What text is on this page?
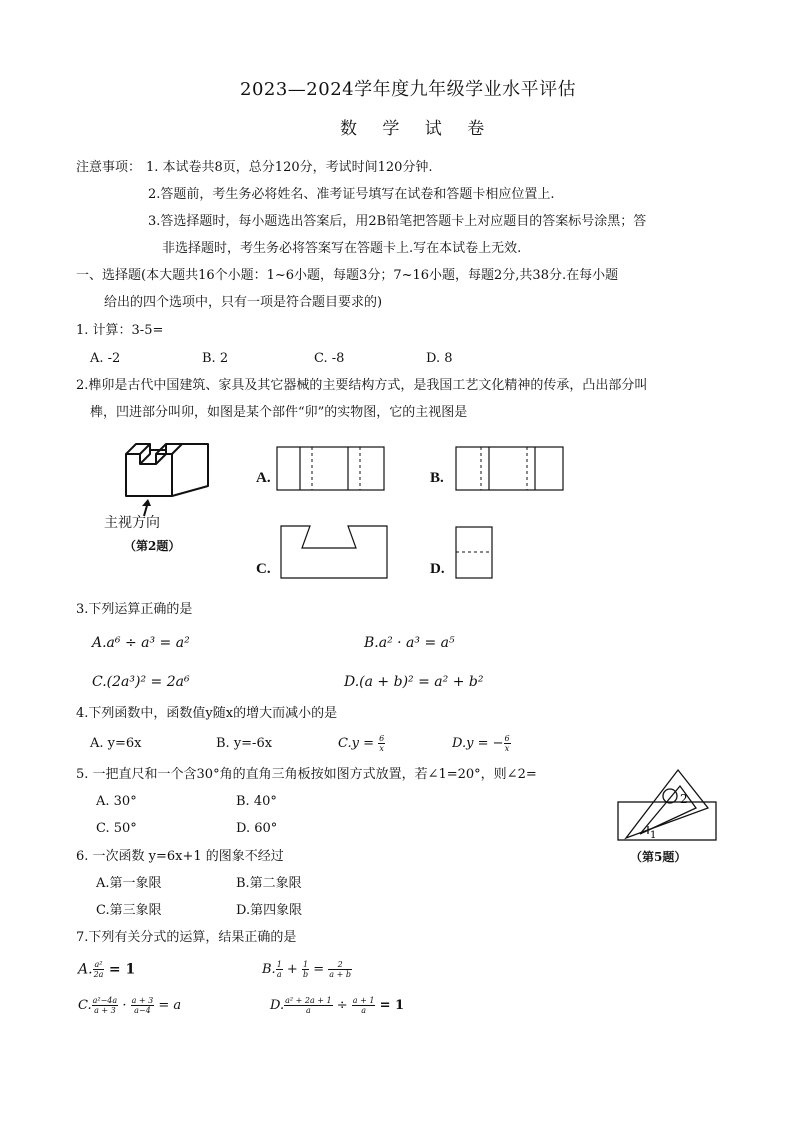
2023—2024学年度九年级学业水平评估
数 学 试 卷
注意事项： 1. 本试卷共8页，总分120分，考试时间120分钟.
2.答题前，考生务必将姓名、准考证号填写在试卷和答题卡相应位置上.
3.答选择题时，每小题选出答案后，用2B铅笔把答题卡上对应题目的答案标号涂黑；答
非选择题时，考生务必将答案写在答题卡上.写在本试卷上无效.
一、选择题(本大题共16个小题：1~6小题，每题3分；7~16小题，每题2分,共38分.在每小题
给出的四个选项中，只有一项是符合题目要求的)
1. 计算：3-5=
A. -2	B. 2	C. -8	D. 8
2.榫卯是古代中国建筑、家具及其它器械的主要结构方式，是我国工艺文化精神的传承，凸出部分叫
榫，凹进部分叫卯，如图是某个部件“卯”的实物图，它的主视图是
主视方向
（第2题）
A.	B.
C.	D.
3.下列运算正确的是
A.a⁶ ÷ a³ = a²	B.a² · a³ = a⁵
C.(2a³)² = 2a⁶	D.(a + b)² = a² + b²
4.下列函数中，函数值y随x的增大而减小的是
A. y=6x	B. y=-6x	$C.y = \frac{6}{x}$	D.y = − $\frac{6}{x}$
5. 一把直尺和一个含30°角的直角三角板按如图方式放置，若∠1=20°，则∠2=
A. 30°	B. 40°
C. 50°	D. 60°
2
1
（第5题）
6. 一次函数 y=6x+1 的图象不经过
A.第一象限	B.第二象限
C.第三象限	D.第四象限
7.下列有关分式的运算，结果正确的是
A. $\frac{\text{a²}}{2a} = 1$	B. $\frac{1}{a} + \frac{1}{b} = \frac{2}{a + b}$
C. $\frac{\text{a²−4a}}{a + 3} \cdot \frac{a + 3}{a-4} = a$	D. $\frac{\text{a² + 2a + 1}}{a} \div \frac{a + 1}{a} = 1$
